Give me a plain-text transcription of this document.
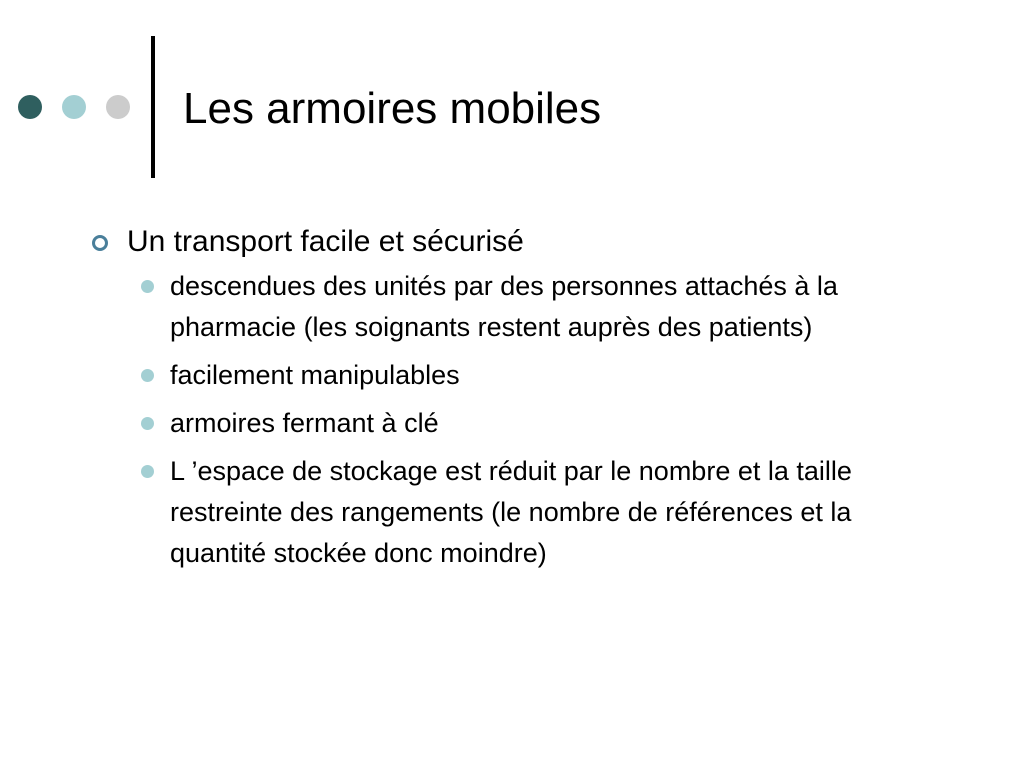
Les armoires mobiles

Un transport facile et sécurisé

descendues des unités par des personnes attachés à la pharmacie (les soignants restent auprès des patients)
facilement manipulables
armoires fermant à clé
L ’espace de stockage est réduit par le nombre et la taille restreinte des rangements (le nombre de références et la quantité stockée donc moindre)
